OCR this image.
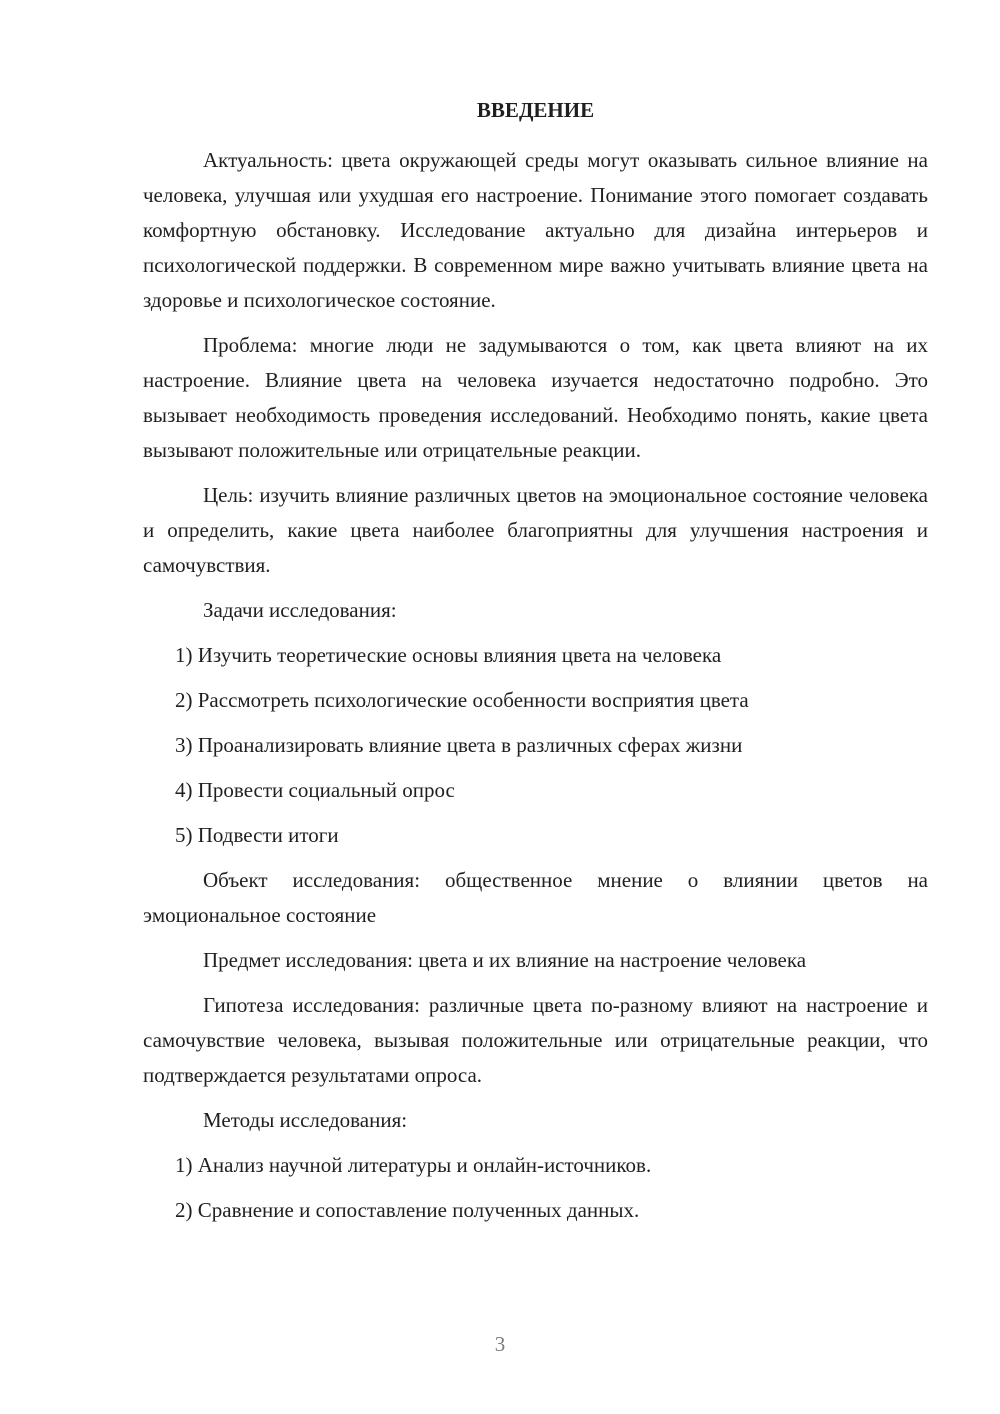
ВВЕДЕНИЕ

Актуальность: цвета окружающей среды могут оказывать сильное влияние на человека, улучшая или ухудшая его настроение. Понимание этого помогает создавать комфортную обстановку. Исследование актуально для дизайна интерьеров и психологической поддержки. В современном мире важно учитывать влияние цвета на здоровье и психологическое состояние.

Проблема: многие люди не задумываются о том, как цвета влияют на их настроение. Влияние цвета на человека изучается недостаточно подробно. Это вызывает необходимость проведения исследований. Необходимо понять, какие цвета вызывают положительные или отрицательные реакции.

Цель: изучить влияние различных цветов на эмоциональное состояние человека и определить, какие цвета наиболее благоприятны для улучшения настроения и самочувствия.

Задачи исследования:

1) Изучить теоретические основы влияния цвета на человека

2) Рассмотреть психологические особенности восприятия цвета

3) Проанализировать влияние цвета в различных сферах жизни

4) Провести социальный опрос

5) Подвести итоги

Объект исследования: общественное мнение о влиянии цветов на эмоциональное состояние

Предмет исследования: цвета и их влияние на настроение человека

Гипотеза исследования: различные цвета по-разному влияют на настроение и самочувствие человека, вызывая положительные или отрицательные реакции, что подтверждается результатами опроса.

Методы исследования:

1) Анализ научной литературы и онлайн-источников.

2) Сравнение и сопоставление полученных данных.

3
